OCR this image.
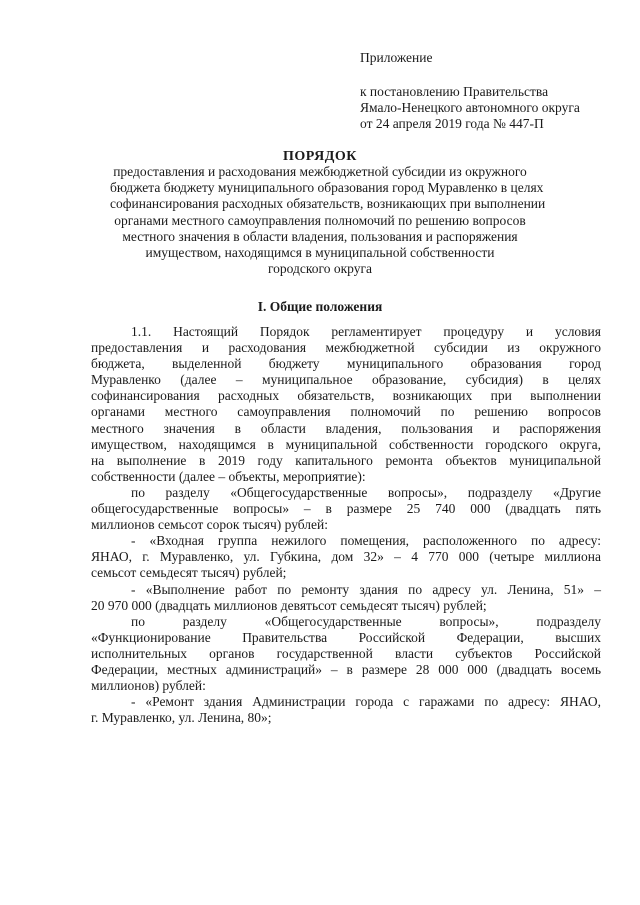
Приложение
к постановлению Правительства
Ямало-Ненецкого автономного округа
от 24 апреля 2019 года № 447-П
ПОРЯДОК
предоставления и расходования межбюджетной субсидии из окружного
бюджета бюджету муниципального образования город Муравленко в целях
софинансирования расходных обязательств, возникающих при выполнении
органами местного самоуправления полномочий по решению вопросов
местного значения в области владения, пользования и распоряжения
имуществом, находящимся в муниципальной собственности
городского округа
I. Общие положения
1.1. Настоящий Порядок регламентирует процедуру и условия
предоставления и расходования межбюджетной субсидии из окружного
бюджета, выделенной бюджету муниципального образования город
Муравленко (далее – муниципальное образование, субсидия) в целях
софинансирования расходных обязательств, возникающих при выполнении
органами местного самоуправления полномочий по решению вопросов
местного значения в области владения, пользования и распоряжения
имуществом, находящимся в муниципальной собственности городского округа,
на выполнение в 2019 году капитального ремонта объектов муниципальной
собственности (далее – объекты, мероприятие):
по разделу «Общегосударственные вопросы», подразделу «Другие
общегосударственные вопросы» – в размере 25 740 000 (двадцать пять
миллионов семьсот сорок тысяч) рублей:
- «Входная группа нежилого помещения, расположенного по адресу:
ЯНАО, г. Муравленко, ул. Губкина, дом 32» – 4 770 000 (четыре миллиона
семьсот семьдесят тысяч) рублей;
- «Выполнение работ по ремонту здания по адресу ул. Ленина, 51» –
20 970 000 (двадцать миллионов девятьсот семьдесят тысяч) рублей;
по разделу «Общегосударственные вопросы», подразделу
«Функционирование Правительства Российской Федерации, высших
исполнительных органов государственной власти субъектов Российской
Федерации, местных администраций» – в размере 28 000 000 (двадцать восемь
миллионов) рублей:
- «Ремонт здания Администрации города с гаражами по адресу: ЯНАО,
г. Муравленко, ул. Ленина, 80»;
